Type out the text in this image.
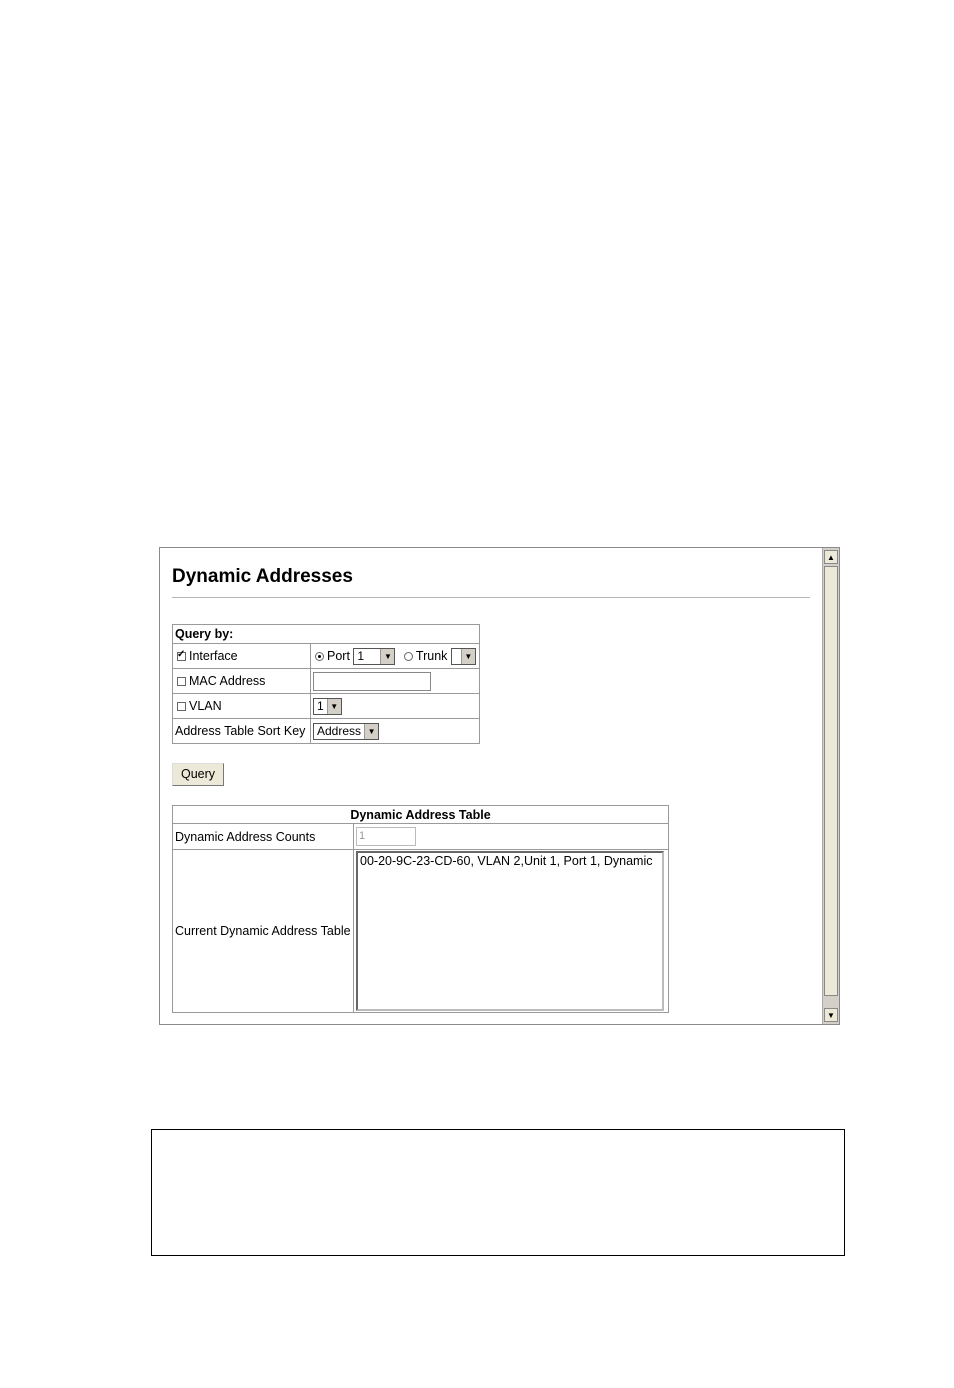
Dynamic Addresses
Query by:	
✓Interface	Port 1 ▼ Trunk ▼

MAC Address	
VLAN	1 ▼

Address Table Sort Key	Address ▼
Query
Dynamic Address Table	
Dynamic Address Counts	1
Current Dynamic Address Table	00-20-9C-23-CD-60, VLAN 2,Unit 1, Port 1, Dynamic
▲
▼
